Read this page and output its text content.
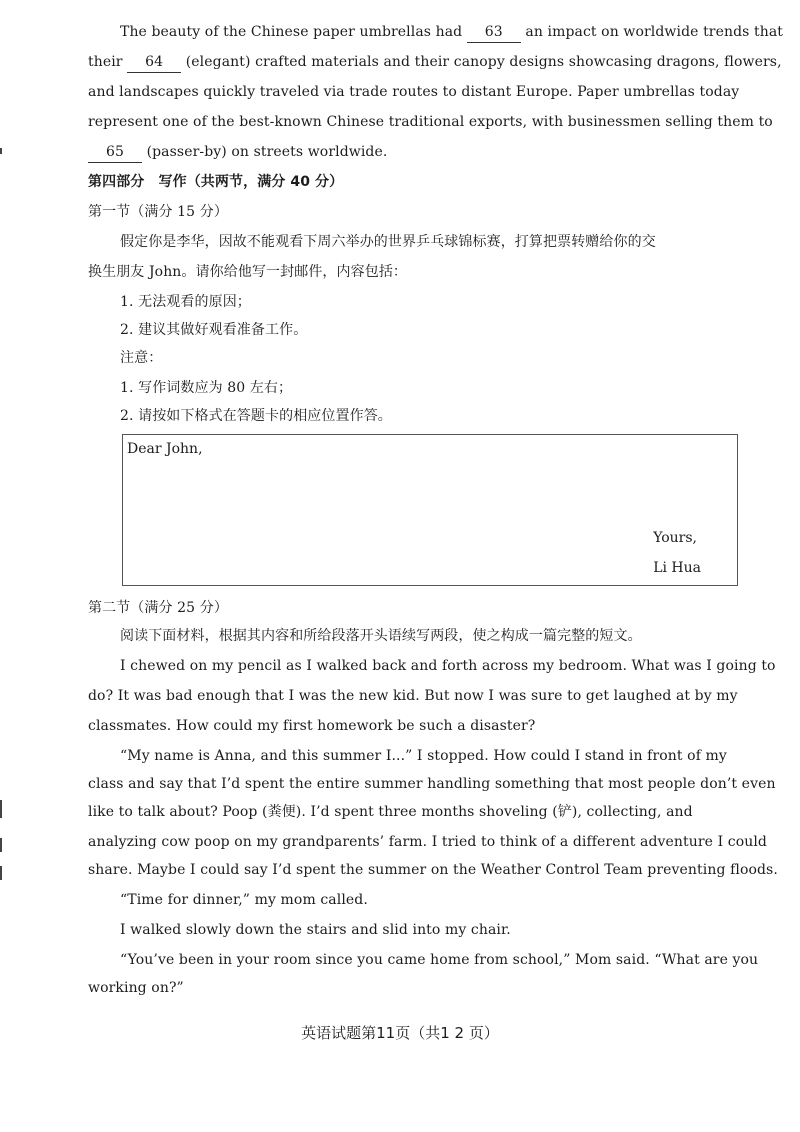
The beauty of the Chinese paper umbrellas had 63 an impact on worldwide trends that
their 64 (elegant) crafted materials and their canopy designs showcasing dragons, flowers,
and landscapes quickly traveled via trade routes to distant Europe. Paper umbrellas today
represent one of the best-known Chinese traditional exports, with businessmen selling them to
65 (passer-by) on streets worldwide.
第四部分　写作（共两节，满分 40 分）
第一节（满分 15 分）
假定你是李华，因故不能观看下周六举办的世界乒乓球锦标赛，打算把票转赠给你的交
换生朋友 John。请你给他写一封邮件，内容包括：
1. 无法观看的原因；
2. 建议其做好观看准备工作。
注意：
1. 写作词数应为 80 左右；
2. 请按如下格式在答题卡的相应位置作答。
Dear John,
Yours,
Li Hua
第二节（满分 25 分）
阅读下面材料，根据其内容和所给段落开头语续写两段，使之构成一篇完整的短文。
I chewed on my pencil as I walked back and forth across my bedroom. What was I going to
do? It was bad enough that I was the new kid. But now I was sure to get laughed at by my
classmates. How could my first homework be such a disaster?
“My name is Anna, and this summer I...” I stopped. How could I stand in front of my
class and say that I’d spent the entire summer handling something that most people don’t even
like to talk about? Poop (粪便). I’d spent three months shoveling (铲), collecting, and
analyzing cow poop on my grandparents’ farm. I tried to think of a different adventure I could
share. Maybe I could say I’d spent the summer on the Weather Control Team preventing floods.
“Time for dinner,” my mom called.
I walked slowly down the stairs and slid into my chair.
“You’ve been in your room since you came home from school,” Mom said. “What are you
working on?”
英语试题第11页（共1 2 页）
